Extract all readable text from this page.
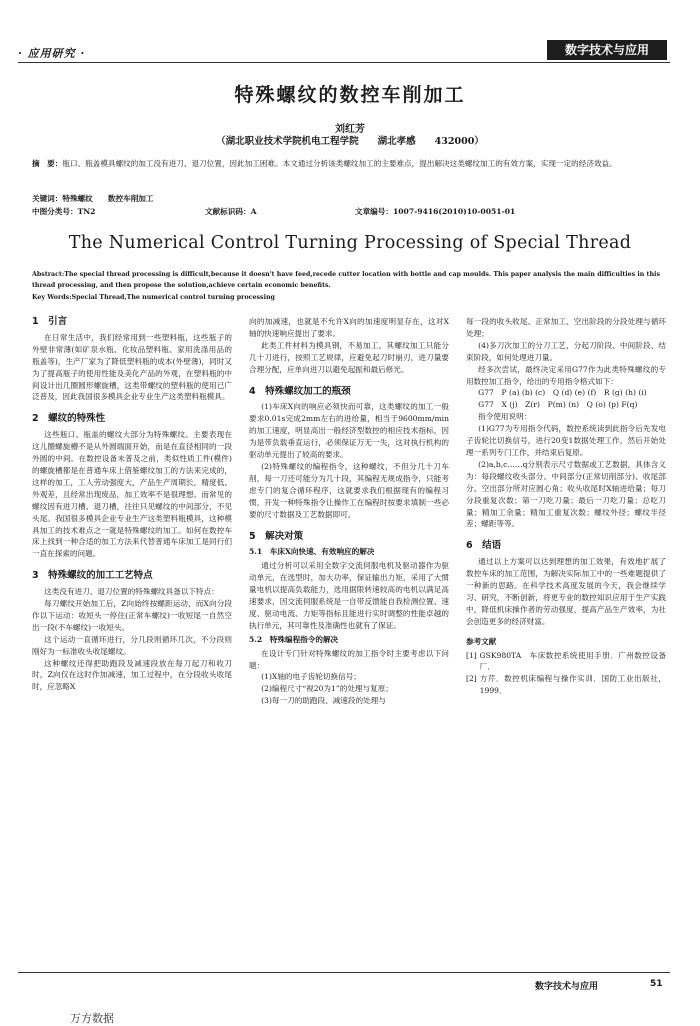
· 应用研究 ·	数字技术与应用
特殊螺纹的数控车削加工
刘红芳
（湖北职业技术学院机电工程学院　　湖北孝感　　432000）
摘　要：瓶口、瓶盖模具螺纹的加工没有进刀、退刀位置，因此加工困难。本文通过分析该类螺纹加工的主要难点，提出解决这类螺纹加工的有效方案，实现一定的经济效益。
关键词：特殊螺纹　　数控车削加工
中图分类号：TN2	文献标识码：A	文章编号：1007-9416(2010)10-0051-01
The Numerical Control Turning Processing of Special Thread
Abstract:The special thread processing is difficult,because it doesn't have feed,recede cutter location with bottle and cap moulds. This paper analysis the main difficulties in this thread processing, and then propose the solution,achieve certain economic benefits.
Key Words:Special Thread,The numerical control turning processing
1　引言

在日常生活中，我们经常用到一些塑料瓶，这些瓶子的外壁非常薄(如矿泉水瓶、化妆品塑料瓶、家用洗涤用品的瓶盖等)，生产厂家为了降低塑料瓶的成本(外壁薄)，同时又为了提高瓶子的使用性能及美化产品的外观，在塑料瓶的中间设计出几圈圆形螺旋槽，这类带螺纹的塑料瓶的使用已广泛普及，因此我国很多模具企业专业生产这类塑料瓶模具。

2　螺纹的特殊性

这些瓶口、瓶盖的螺纹大部分为特殊螺纹。主要表现在这儿圈螺旋槽不是从外圆端面开始，而是在直径相同的一段外圆的中间。在数控设备未普及之前，类似性质工件(模件)的螺旋槽都是在普通车床上借鉴螺纹加工的方法来完成的，这样的加工，工人劳动强度大，产品生产周期长，精度低、外观差，且经常出现废品，加工效率不是很理想。而常见的螺纹因有进刀槽、退刀槽，往往只见螺纹的中间部分，不见头尾。我国很多模具企业专业生产这类塑料瓶模具，这种模具加工的技术难点之一就是特殊螺纹的加工。如何在数控车床上找到一种合适的加工方法来代替普通车床加工是同行们一直在探索的问题。

3　特殊螺纹的加工工艺特点

这类没有进刀、退刀位置的特殊螺纹具备以下特点：

每刀螺纹开始加工后，Z向始终按螺距运动，而X向分段作以下运动：收短头一停住(正常车螺纹)一收短尾一自然空出一段(不车螺纹)一收短头。

这个运动一直循环进行，分几段则循环几次，不分段则刚好为一标准收头收尾螺纹。

这种螺纹还得把助跑段及减速段放在每刀起刀和收刀时，Z向仅在这时作加减速，加工过程中，在分段收头收尾时，应忽略X

向的加减速，也就是不允许X向的加速度明显存在，这对X轴的快速响应提出了要求。

此类工件材料为模具钢，不易加工，其螺纹加工只能分几十刀进行，按照工艺规律，应避免起刀时崩刃，进刀量要合理分配，应单向进刀以避免起振和最后修光。

4　特殊螺纹加工的瓶颈

(1)车床X向的响应必须快而可靠，这类螺纹的加工一般要求0.01s完成2mm左右的进给量，相当于9600mm/min的加工速度，明显高出一般经济型数控的相应技术指标，因为是带负载垂直运行，必须保证万无一失，这对执行机构的驱动单元提出了较高的要求。

(2)特殊螺纹的编程指令，这种螺纹，不但分几十刀车削，每一刀还可能分为几十段，其编程无规成指令，只能考虑专门的复合循环程序，这就要求我们根据现有的编程习惯，开发一种特殊指令让操作工在编程时按要求填制一些必要的尺寸数据及工艺数据即可。

5　解决对策
5.1　车床X向快速、有效响应的解决

通过分析可以采用全数字交流伺服电机及驱动器作为驱动单元，在选型时，加大功率，保证输出力矩，采用了大惯量电机以提高负载能力，选用据限转速较高的电机以满足高速要求，因交流伺服系统是一自带反馈能自我检测位置、速度、驱动电流、力矩等指标且能进行实时调整的性能卓越的执行单元，其可靠性及准确性也就有了保证。

5.2　特殊编程指令的解决

在设计专门针对特殊螺纹的加工指令时主要考虑以下问题：

(1)X轴的电子齿轮切换信号；

(2)编程尺寸“视20为1”的处理与复原；

(3)每一刀的助跑段、减速段的处理与

每一段的收头收尾、正常加工、空出阶段的分段处理与循环处理；

(4)多刀次加工的分刀工艺，分起刀阶段、中间阶段、结束阶段，如何处理进刀量。

经多次尝试，最终决定采用G77作为此类特殊螺纹的专用数控加工指令，给出的专用指令格式如下：

G77　P (a) (b) (c)　Q (d) (e) (f)　R (g) (h) (i)

G77　X (j)　Z(r)　P(m) (n)　Q (o) (p) F(q)

指令使用说明：

(1)G77为专用指令代码，数控系统读到此指令后先发电子齿轮比切换信号，进行20变1数据处理工作，然后开始处理一系列专门工作，并结束后复原。

(2)a,b,c……q分别表示尺寸数据或工艺数据，具体含义为：每段螺纹收头部分、中间部分(正常切削部分)、收尾部分、空出部分所对应圆心角；收头收尾时X轴进给量；每刀分段重复次数；第一刀吃刀量；最后一刀吃刀量；总吃刀量；精加工余量；精加工重复次数；螺纹外径；螺纹半径差；螺距等等。

6　结语

通过以上方案可以达到理想的加工效果，有效地扩展了数控车床的加工范围，为解决实际加工中的一些难题提供了一种新的思路。在科学技术高度发展的今天，我会继续学习、研究，不断创新，将更专业的数控知识应用于生产实践中，降低机床操作者的劳动强度，提高产品生产效率，为社会创造更多的经济财富。

参考文献

[1] GSK980TA　车床数控系统使用手册．广州数控设备厂．

[2] 方芹．数控机床编程与操作实训．国防工业出版社，1999．

数字技术与应用	51
万方数据
